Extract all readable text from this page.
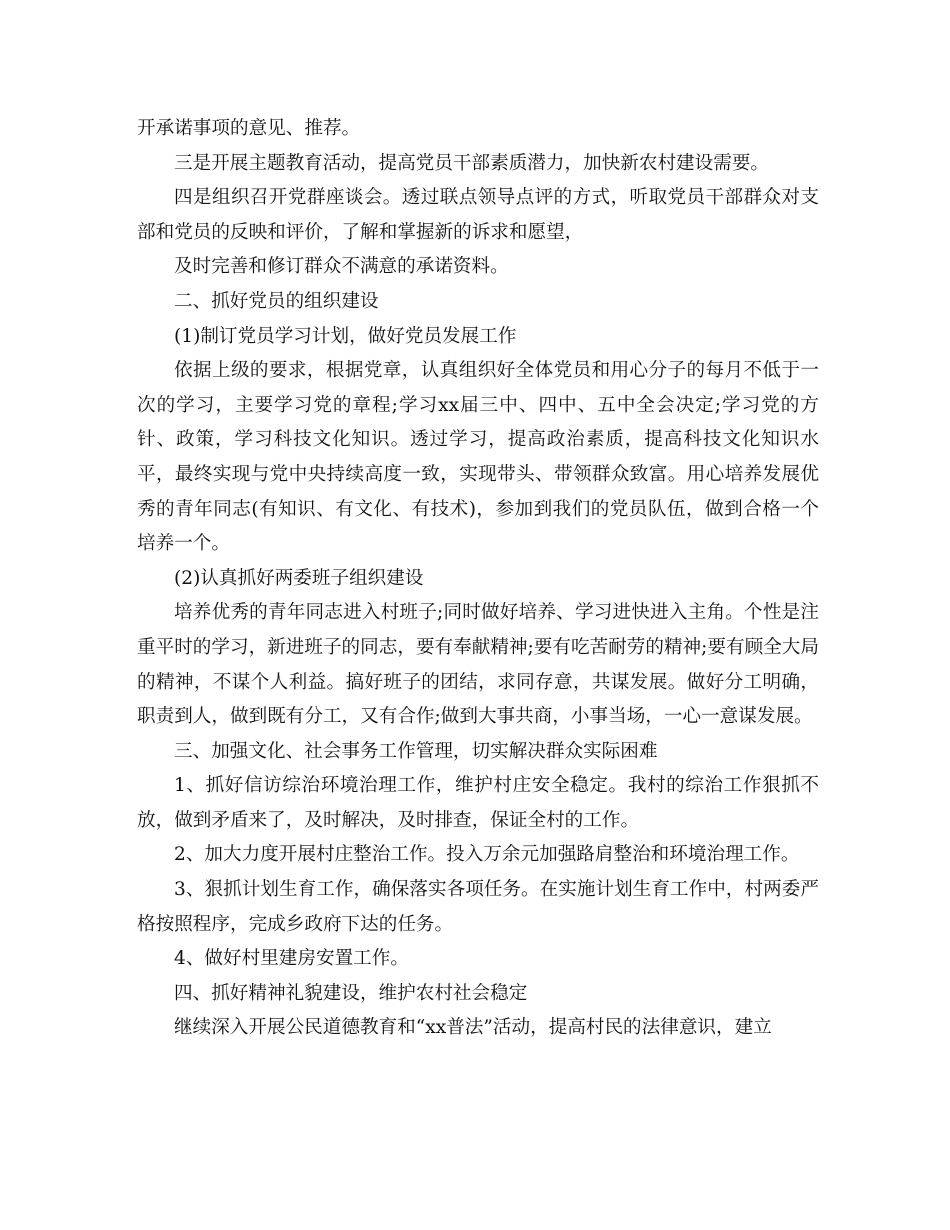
开承诺事项的意见、推荐。

三是开展主题教育活动，提高党员干部素质潜力，加快新农村建设需要。

四是组织召开党群座谈会。透过联点领导点评的方式，听取党员干部群众对支部和党员的反映和评价，了解和掌握新的诉求和愿望，

及时完善和修订群众不满意的承诺资料。

二、抓好党员的组织建设

(1)制订党员学习计划，做好党员发展工作

依据上级的要求，根据党章，认真组织好全体党员和用心分子的每月不低于一次的学习，主要学习党的章程;学习xx届三中、四中、五中全会决定;学习党的方针、政策，学习科技文化知识。透过学习，提高政治素质，提高科技文化知识水平，最终实现与党中央持续高度一致，实现带头、带领群众致富。用心培养发展优秀的青年同志(有知识、有文化、有技术)，参加到我们的党员队伍，做到合格一个培养一个。

(2)认真抓好两委班子组织建设

培养优秀的青年同志进入村班子;同时做好培养、学习进快进入主角。个性是注重平时的学习，新进班子的同志，要有奉献精神;要有吃苦耐劳的精神;要有顾全大局的精神，不谋个人利益。搞好班子的团结，求同存意，共谋发展。做好分工明确，职责到人，做到既有分工，又有合作;做到大事共商，小事当场，一心一意谋发展。

三、加强文化、社会事务工作管理，切实解决群众实际困难

1、抓好信访综治环境治理工作，维护村庄安全稳定。我村的综治工作狠抓不放，做到矛盾来了，及时解决，及时排查，保证全村的工作。

2、加大力度开展村庄整治工作。投入万余元加强路肩整治和环境治理工作。

3、狠抓计划生育工作，确保落实各项任务。在实施计划生育工作中，村两委严格按照程序，完成乡政府下达的任务。

4、做好村里建房安置工作。

四、抓好精神礼貌建设，维护农村社会稳定

继续深入开展公民道德教育和“xx普法”活动，提高村民的法律意识，建立
